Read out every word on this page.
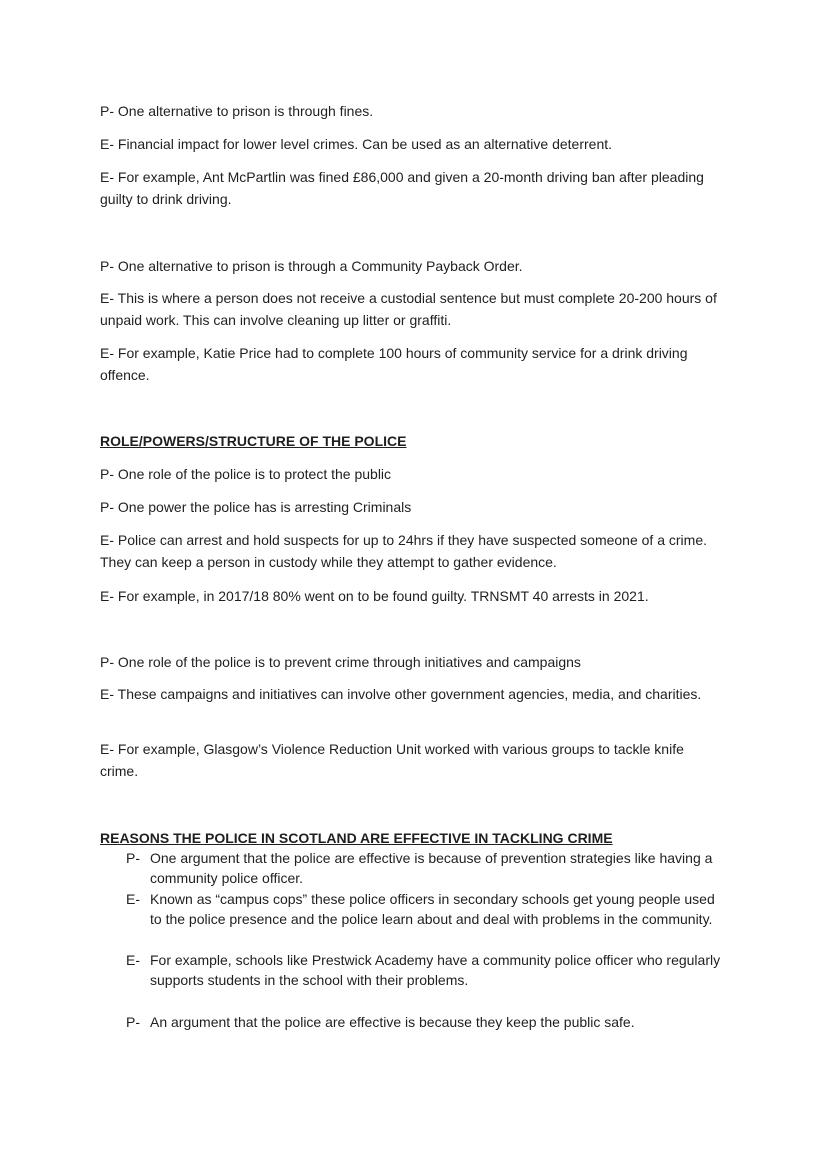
P- One alternative to prison is through fines.

E- Financial impact for lower level crimes. Can be used as an alternative deterrent.

E- For example, Ant McPartlin was fined £86,000 and given a 20-month driving ban after pleading guilty to drink driving.

P- One alternative to prison is through a Community Payback Order.

E- This is where a person does not receive a custodial sentence but must complete 20-200 hours of unpaid work. This can involve cleaning up litter or graffiti.

E- For example, Katie Price had to complete 100 hours of community service for a drink driving offence.

ROLE/POWERS/STRUCTURE OF THE POLICE

P- One role of the police is to protect the public

P- One power the police has is arresting Criminals

E- Police can arrest and hold suspects for up to 24hrs if they have suspected someone of a crime. They can keep a person in custody while they attempt to gather evidence.

E- For example, in 2017/18 80% went on to be found guilty. TRNSMT 40 arrests in 2021.

P- One role of the police is to prevent crime through initiatives and campaigns

E- These campaigns and initiatives can involve other government agencies, media, and charities.

E- For example, Glasgow’s Violence Reduction Unit worked with various groups to tackle knife crime.

REASONS THE POLICE IN SCOTLAND ARE EFFECTIVE IN TACKLING CRIME

P- One argument that the police are effective is because of prevention strategies like having a community police officer.
E- Known as “campus cops” these police officers in secondary schools get young people used to the police presence and the police learn about and deal with problems in the community.
E- For example, schools like Prestwick Academy have a community police officer who regularly supports students in the school with their problems.
P- An argument that the police are effective is because they keep the public safe.
